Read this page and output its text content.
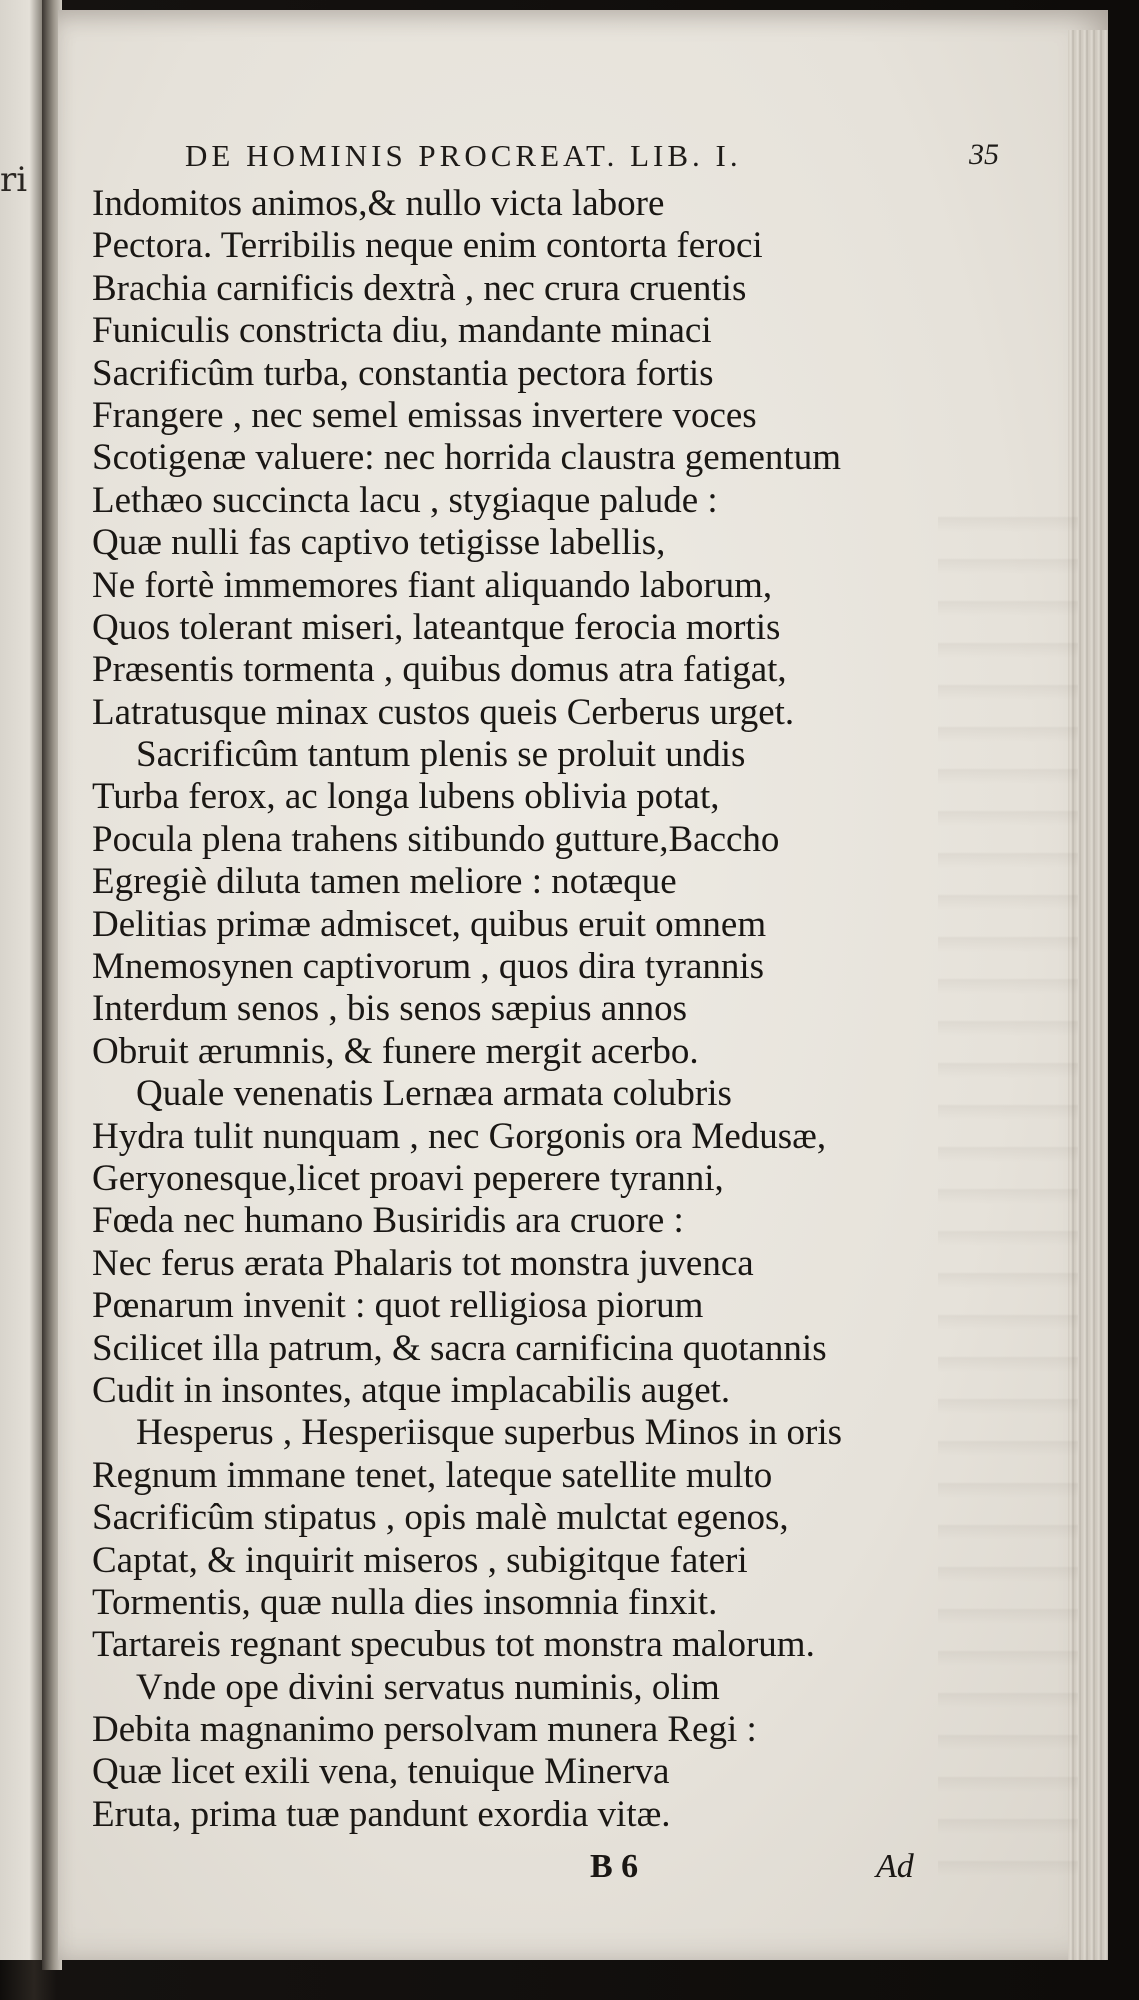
ri
DE HOMINIS PROCREAT. LIB. I.	35
Indomitos animos,& nullo victa labore
Pectora. Terribilis neque enim contorta feroci
Brachia carnificis dextrà , nec crura cruentis
Funiculis constricta diu, mandante minaci
Sacrificûm turba, constantia pectora fortis
Frangere , nec semel emissas invertere voces
Scotigenæ valuere: nec horrida claustra gementum
Lethæo succincta lacu , stygiaque palude :
Quæ nulli fas captivo tetigisse labellis,
Ne fortè immemores fiant aliquando laborum,
Quos tolerant miseri, lateantque ferocia mortis
Præsentis tormenta , quibus domus atra fatigat,
Latratusque minax custos queis Cerberus urget.
Sacrificûm tantum plenis se proluit undis
Turba ferox, ac longa lubens oblivia potat,
Pocula plena trahens sitibundo gutture,Baccho
Egregiè diluta tamen meliore : notæque
Delitias primæ admiscet, quibus eruit omnem
Mnemosynen captivorum , quos dira tyrannis
Interdum senos , bis senos sæpius annos
Obruit ærumnis, & funere mergit acerbo.
Quale venenatis Lernæa armata colubris
Hydra tulit nunquam , nec Gorgonis ora Medusæ,
Geryonesque,licet proavi peperere tyranni,
Fœda nec humano Busiridis ara cruore :
Nec ferus ærata Phalaris tot monstra juvenca
Pœnarum invenit : quot relligiosa piorum
Scilicet illa patrum, & sacra carnificina quotannis
Cudit in insontes, atque implacabilis auget.
Hesperus , Hesperiisque superbus Minos in oris
Regnum immane tenet, lateque satellite multo
Sacrificûm stipatus , opis malè mulctat egenos,
Captat, & inquirit miseros , subigitque fateri
Tormentis, quæ nulla dies insomnia finxit.
Tartareis regnant specubus tot monstra malorum.
Vnde ope divini servatus numinis, olim
Debita magnanimo persolvam munera Regi :
Quæ licet exili vena, tenuique Minerva
Eruta, prima tuæ pandunt exordia vitæ.
B 6	Ad
